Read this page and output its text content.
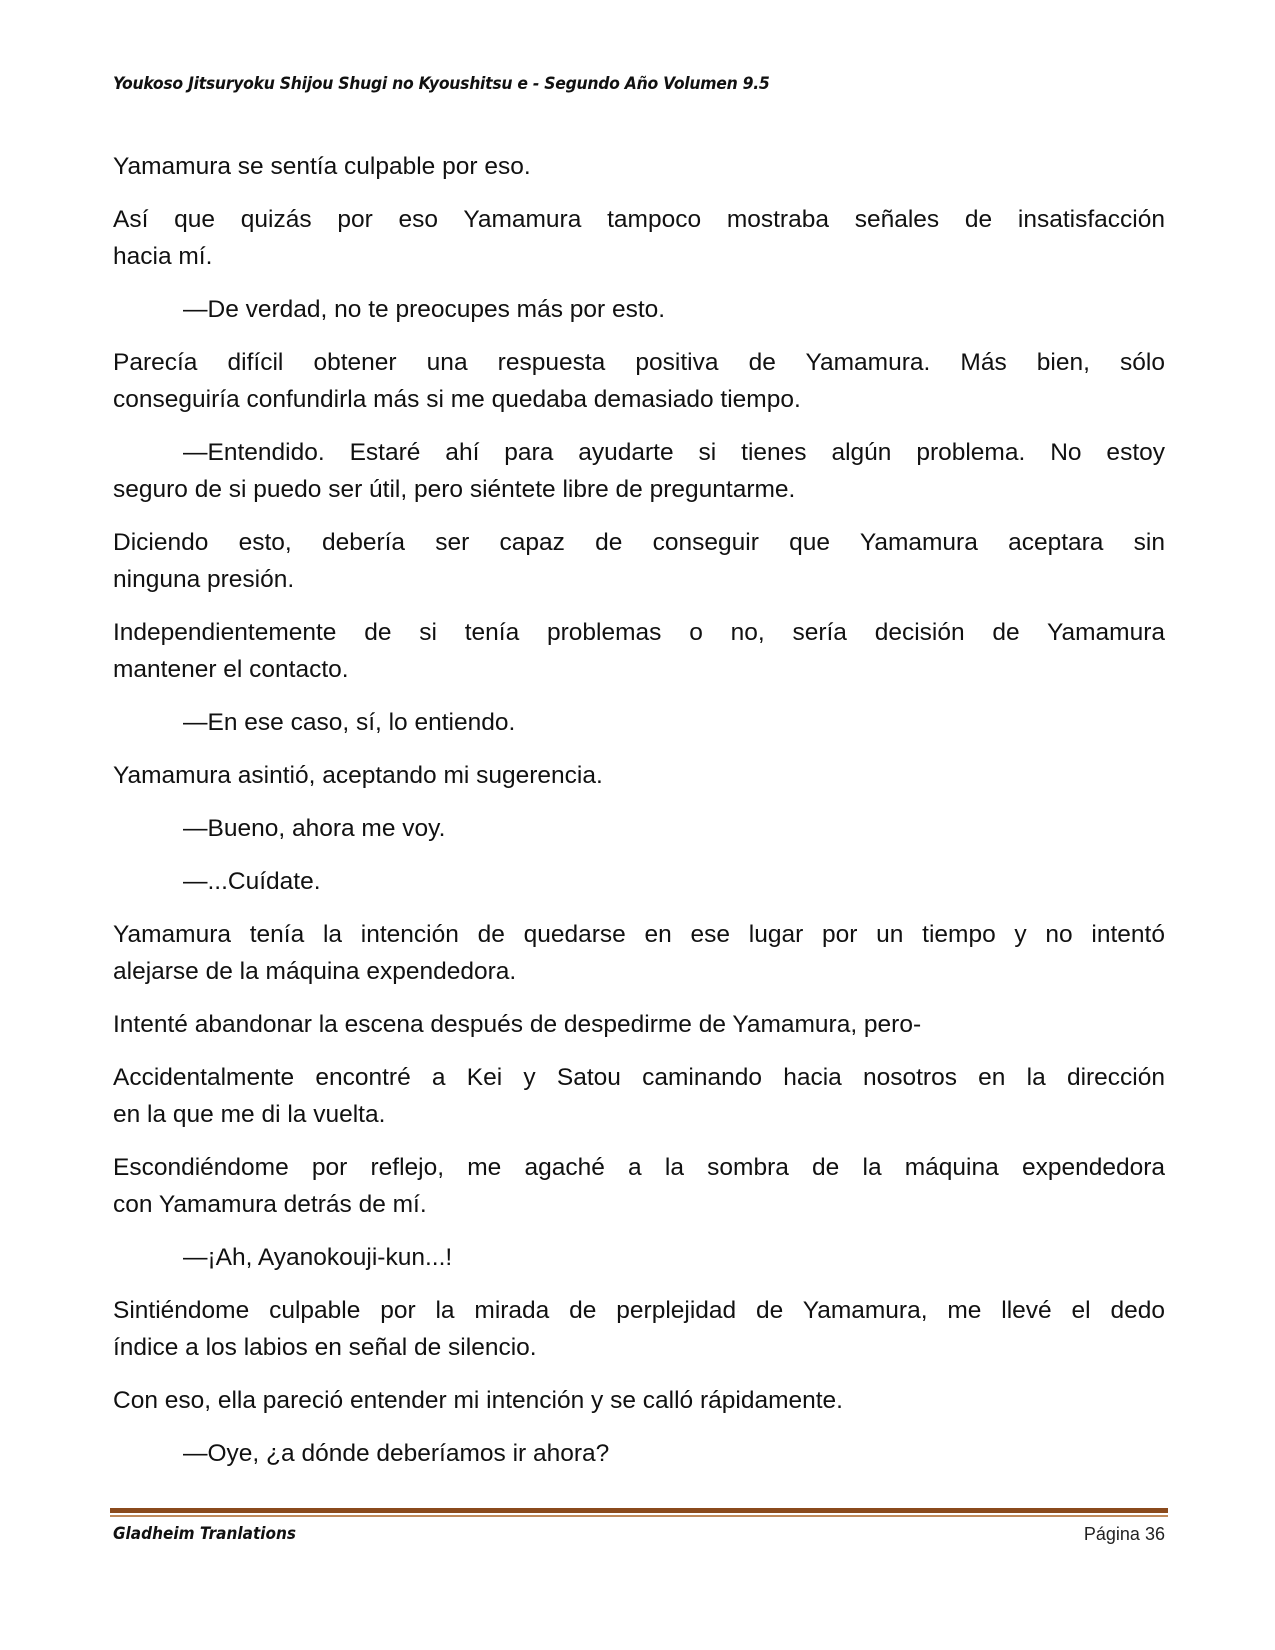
Youkoso Jitsuryoku Shijou Shugi no Kyoushitsu e - Segundo Año Volumen 9.5
Yamamura se sentía culpable por eso.
Así que quizás por eso Yamamura tampoco mostraba señales de insatisfacción
hacia mí.
—De verdad, no te preocupes más por esto.
Parecía difícil obtener una respuesta positiva de Yamamura. Más bien, sólo
conseguiría confundirla más si me quedaba demasiado tiempo.
—Entendido. Estaré ahí para ayudarte si tienes algún problema. No estoy
seguro de si puedo ser útil, pero siéntete libre de preguntarme.
Diciendo esto, debería ser capaz de conseguir que Yamamura aceptara sin
ninguna presión.
Independientemente de si tenía problemas o no, sería decisión de Yamamura
mantener el contacto.
—En ese caso, sí, lo entiendo.
Yamamura asintió, aceptando mi sugerencia.
—Bueno, ahora me voy.
—...Cuídate.
Yamamura tenía la intención de quedarse en ese lugar por un tiempo y no intentó
alejarse de la máquina expendedora.
Intenté abandonar la escena después de despedirme de Yamamura, pero-
Accidentalmente encontré a Kei y Satou caminando hacia nosotros en la dirección
en la que me di la vuelta.
Escondiéndome por reflejo, me agaché a la sombra de la máquina expendedora
con Yamamura detrás de mí.
—¡Ah, Ayanokouji-kun...!
Sintiéndome culpable por la mirada de perplejidad de Yamamura, me llevé el dedo
índice a los labios en señal de silencio.
Con eso, ella pareció entender mi intención y se calló rápidamente.
—Oye, ¿a dónde deberíamos ir ahora?
Gladheim Tranlations	Página 36
